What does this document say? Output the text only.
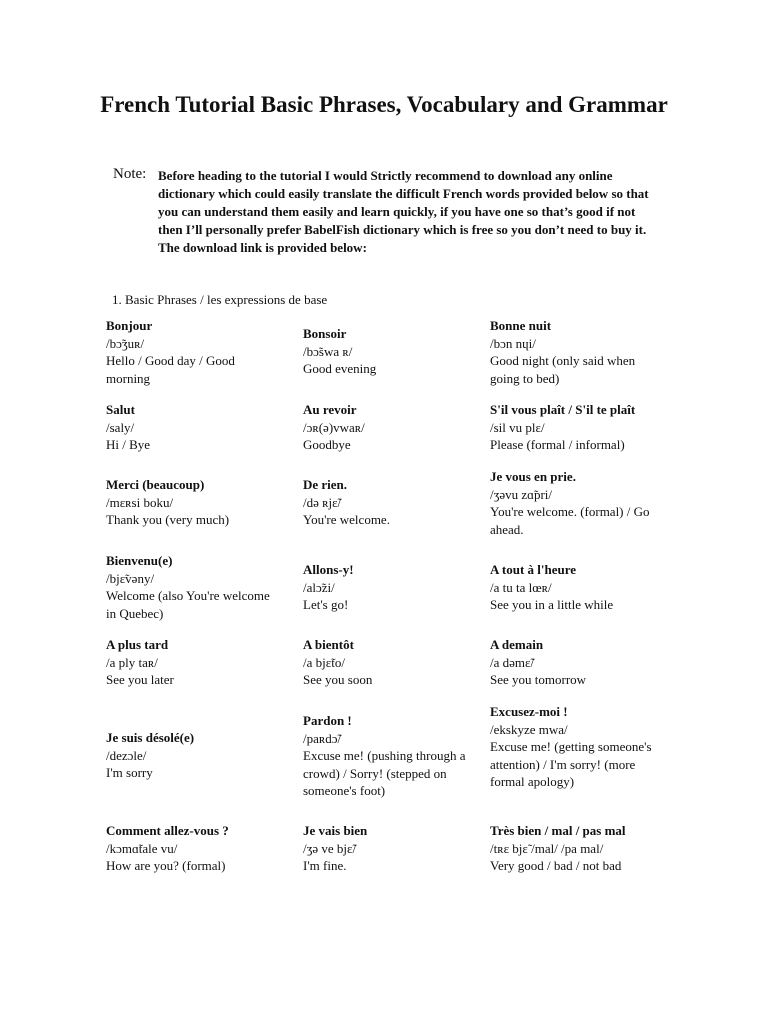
French Tutorial Basic Phrases, Vocabulary and Grammar
Note: Before heading to the tutorial I would Strictly recommend to download any online dictionary which could easily translate the difficult French words provided below so that you can understand them easily and learn quickly, if you have one so that’s good if not then I’ll personally prefer BabelFish dictionary which is free so you don’t need to buy it. The download link is provided below:
1. Basic Phrases / les expressions de base
Bonjour
/bɔ̃ʒuʀ/
Hello / Good day / Good morning
Bonsoir
/bɔ̃swa ʀ/
Good evening
Bonne nuit
/bɔn nɥi/
Good night (only said when going to bed)
Salut
/saly/
Hi / Bye
Au revoir
/ɔʀ(ə)vwaʀ/
Goodbye
S'il vous plaît / S'il te plaît
/sil vu plɛ/
Please (formal / informal)
Merci (beaucoup)
/mɛʀsi boku/
Thank you (very much)
De rien.
/də ʀjɛ̃/
You're welcome.
Je vous en prie.
/ʒəvu zɑ̃pri/
You're welcome. (formal) / Go ahead.
Bienvenu(e)
/bjɛ̃vəny/
Welcome (also You're welcome in Quebec)
Allons-y!
/alɔ̃zi/
Let's go!
A tout à l'heure
/a tu ta lœʀ/
See you in a little while
A plus tard
/a ply taʀ/
See you later
A bientôt
/a bjɛ̃to/
See you soon
A demain
/a dəmɛ̃/
See you tomorrow
Je suis désolé(e)
/dezɔle/
I'm sorry
Pardon !
/paʀdɔ̃/
Excuse me! (pushing through a crowd) / Sorry! (stepped on someone's foot)
Excusez-moi !
/ekskyze mwa/
Excuse me! (getting someone's attention) / I'm sorry! (more formal apology)
Comment allez-vous ?
/kɔmɑ̃tale vu/
How are you? (formal)
Je vais bien
/ʒə ve bjɛ̃/
I'm fine.
Très bien / mal / pas mal
/tʀɛ bjɛ̃ /mal/ /pa mal/
Very good / bad / not bad
